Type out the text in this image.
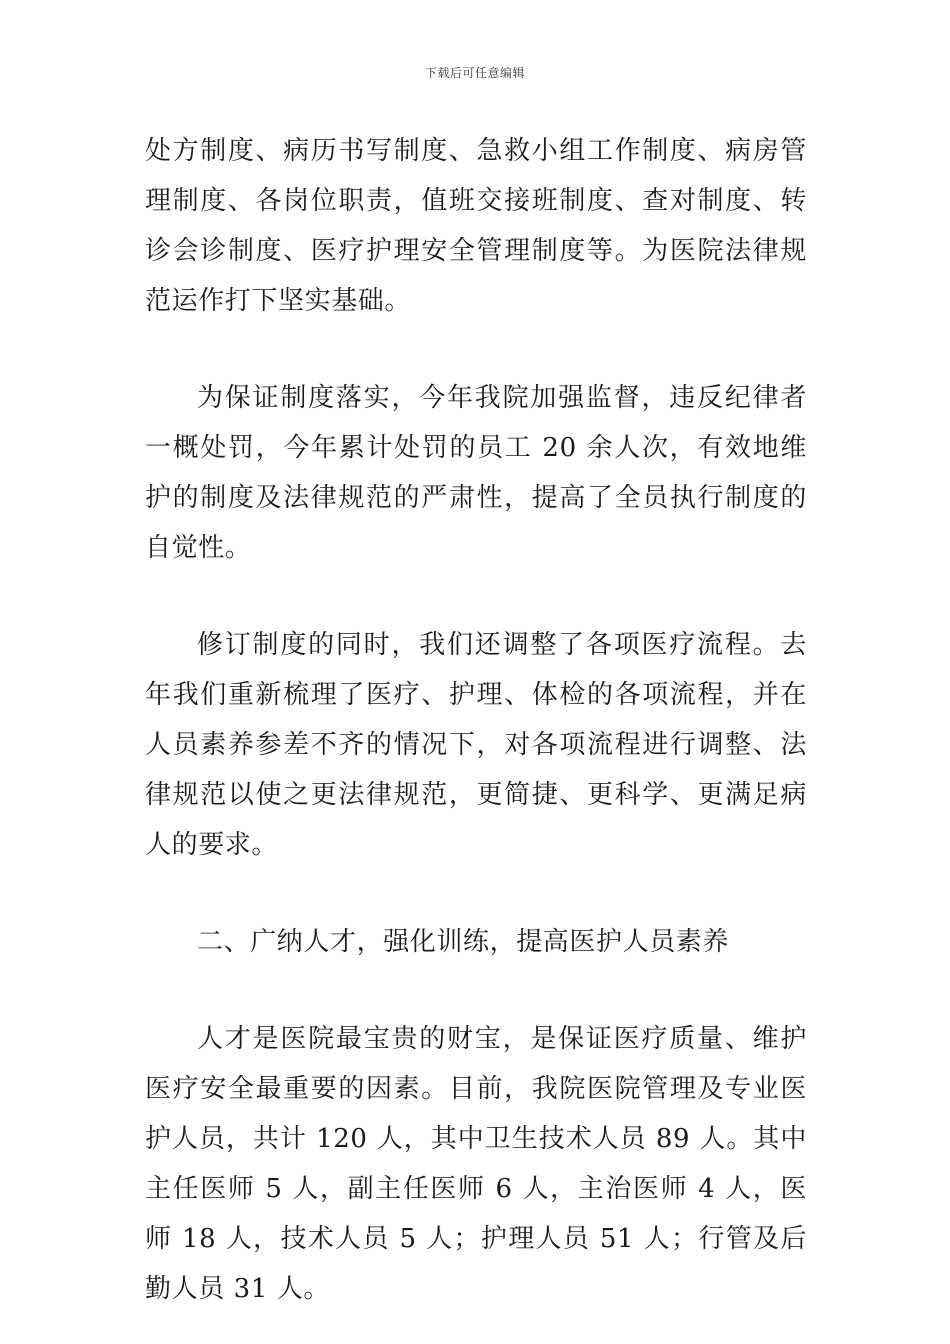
下载后可任意编辑

处方制度、病历书写制度、急救小组工作制度、病房管理制度、各岗位职责，值班交接班制度、查对制度、转诊会诊制度、医疗护理安全管理制度等。为医院法律规范运作打下坚实基础。

为保证制度落实，今年我院加强监督，违反纪律者一概处罚，今年累计处罚的员工 20 余人次，有效地维护的制度及法律规范的严肃性，提高了全员执行制度的自觉性。

修订制度的同时，我们还调整了各项医疗流程。去年我们重新梳理了医疗、护理、体检的各项流程，并在人员素养参差不齐的情况下，对各项流程进行调整、法律规范以使之更法律规范，更简捷、更科学、更满足病人的要求。

二、广纳人才，强化训练，提高医护人员素养

人才是医院最宝贵的财宝，是保证医疗质量、维护医疗安全最重要的因素。目前，我院医院管理及专业医护人员，共计 120 人，其中卫生技术人员 89 人。其中主任医师 5 人，副主任医师 6 人，主治医师 4 人，医师 18 人，技术人员 5 人；护理人员 51 人；行管及后勤人员 31 人。
